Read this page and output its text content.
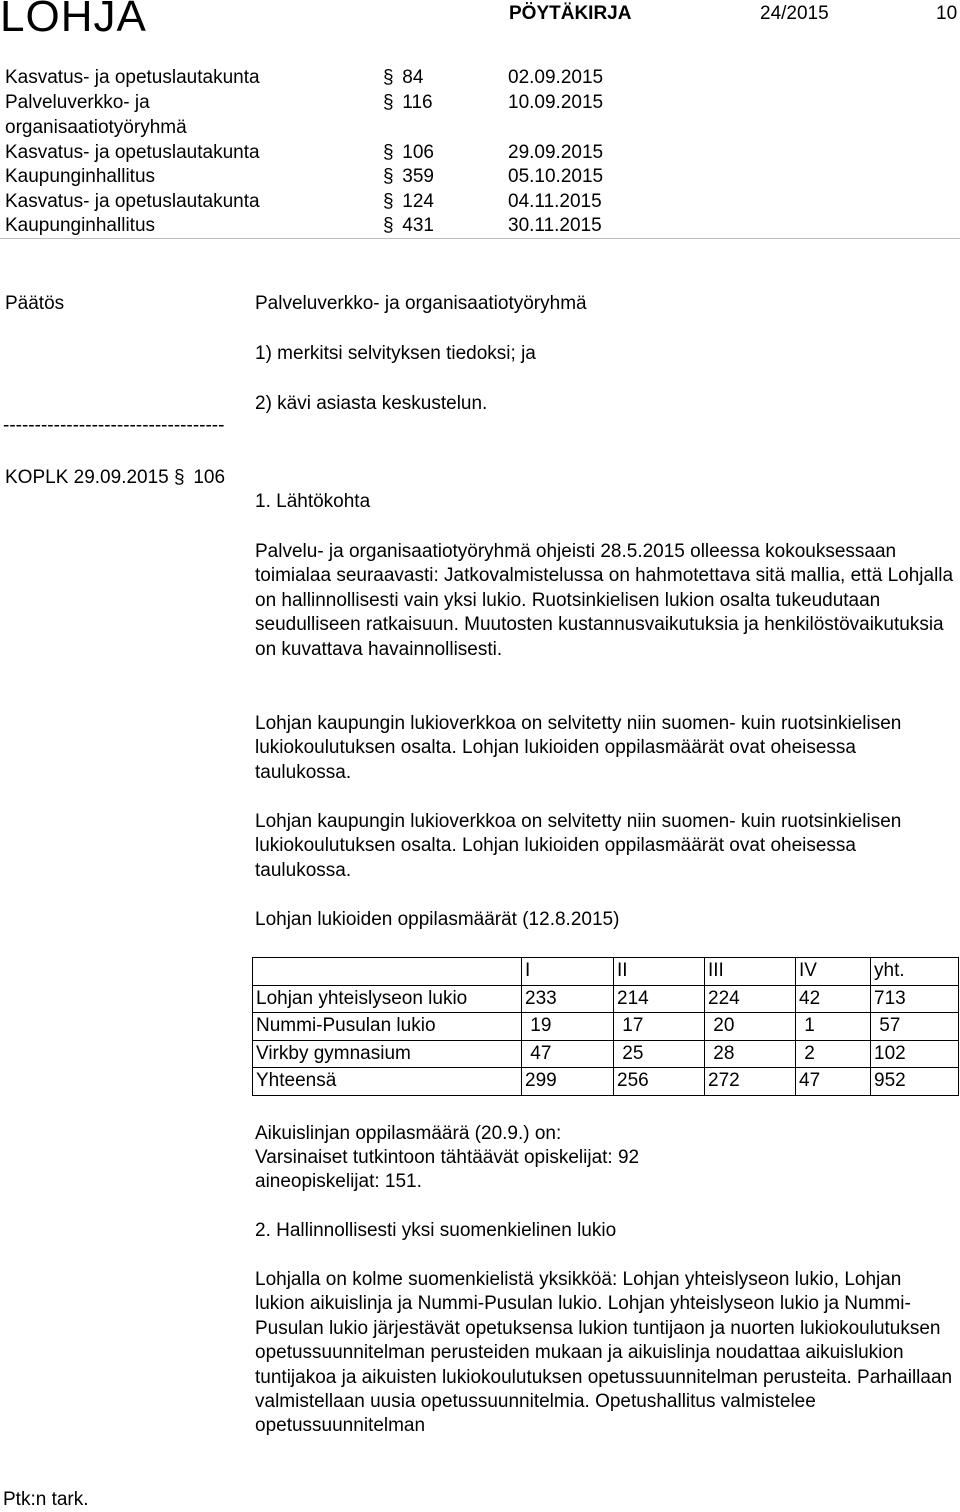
LOHJA	PÖYTÄKIRJA	24/2015	10
Kasvatus- ja opetuslautakunta	§ 84	02.09.2015
Palveluverkko- ja
organisaatiotyöryhmä
§ 116	10.09.2015
Kasvatus- ja opetuslautakunta	§ 106	29.09.2015
Kaupunginhallitus	§ 359	05.10.2015
Kasvatus- ja opetuslautakunta	§ 124	04.11.2015
Kaupunginhallitus	§ 431	30.11.2015
Päätös	Palveluverkko- ja organisaatiotyöryhmä
1) merkitsi selvityksen tiedoksi; ja
2) kävi asiasta keskustelun.
-----------------------------------
KOPLK 29.09.2015 § 106
1. Lähtökohta
Palvelu- ja organisaatiotyöryhmä ohjeisti 28.5.2015 olleessa kokouksessaan toimialaa seuraavasti: Jatkovalmistelussa on hahmotettava sitä mallia, että Lohjalla on hallinnollisesti vain yksi lukio. Ruotsinkielisen lukion osalta tukeudutaan seudulliseen ratkaisuun. Muutosten kustannusvaikutuksia ja henkilöstövaikutuksia on kuvattava havainnollisesti.
Lohjan kaupungin lukioverkkoa on selvitetty niin suomen- kuin ruotsinkielisen lukiokoulutuksen osalta. Lohjan lukioiden oppilasmäärät ovat oheisessa taulukossa.
Lohjan kaupungin lukioverkkoa on selvitetty niin suomen- kuin ruotsinkielisen lukiokoulutuksen osalta. Lohjan lukioiden oppilasmäärät ovat oheisessa taulukossa.
Lohjan lukioiden oppilasmäärät (12.8.2015)
	I	II	III	IV	yht.
Lohjan yhteislyseon lukio	233	214	224	42	713
Nummi-Pusulan lukio	19	17	20	1	57
Virkby gymnasium	47	25	28	2	102
Yhteensä	299	256	272	47	952
Aikuislinjan oppilasmäärä (20.9.) on:
Varsinaiset tutkintoon tähtäävät opiskelijat: 92
aineopiskelijat: 151.
2. Hallinnollisesti yksi suomenkielinen lukio
Lohjalla on kolme suomenkielistä yksikköä: Lohjan yhteislyseon lukio, Lohjan lukion aikuislinja ja Nummi-Pusulan lukio. Lohjan yhteislyseon lukio ja Nummi-Pusulan lukio järjestävät opetuksensa lukion tuntijaon ja nuorten lukiokoulutuksen opetussuunnitelman perusteiden mukaan ja aikuislinja noudattaa aikuislukion tuntijakoa ja aikuisten lukiokoulutuksen opetussuunnitelman perusteita. Parhaillaan valmistellaan uusia opetussuunnitelmia. Opetushallitus valmistelee opetussuunnitelman
Ptk:n tark.
